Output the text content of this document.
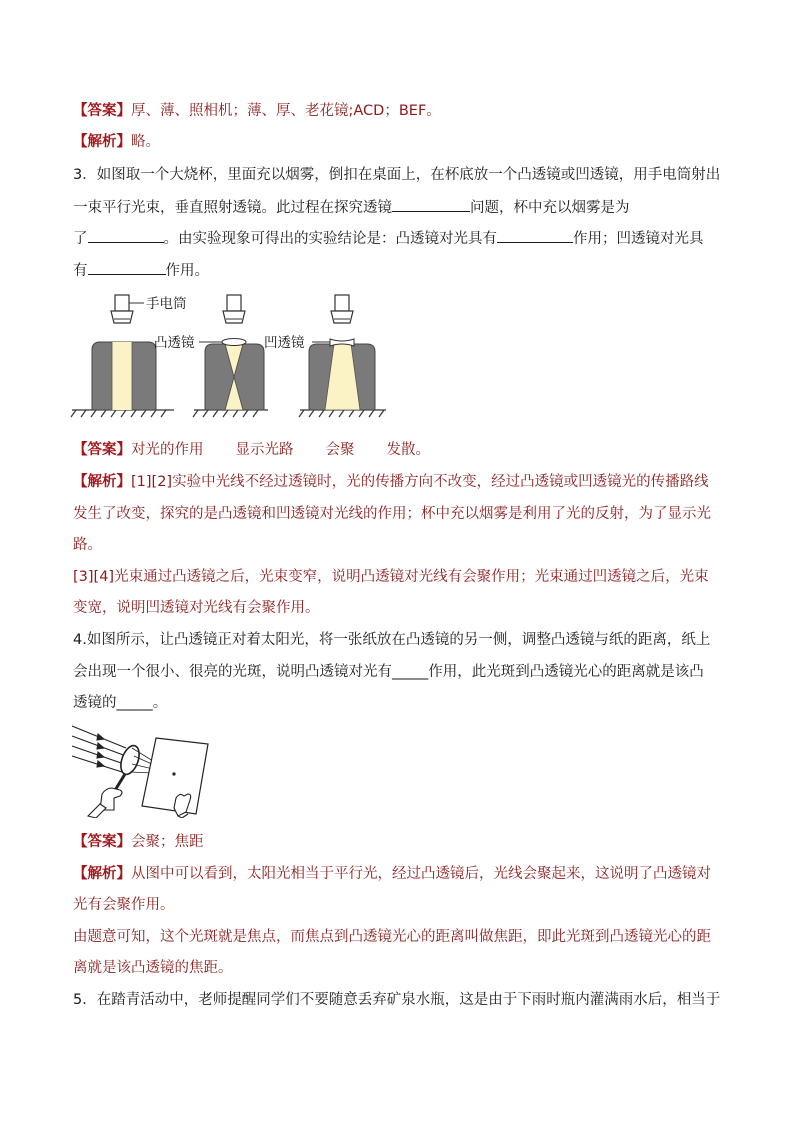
【答案】厚、薄、照相机；薄、厚、老花镜;ACD；BEF。
【解析】略。
3．如图取一个大烧杯，里面充以烟雾，倒扣在桌面上，在杯底放一个凸透镜或凹透镜，用手电筒射出
一束平行光束，垂直照射透镜。此过程在探究透镜	问题，杯中充以烟雾是为
了	。由实验现象可得出的实验结论是：凸透镜对光具有	作用；凹透镜对光具
有	作用。
手电筒
凸透镜	凹透镜
【答案】对光的作用 显示光路 会聚 发散。
【解析】[1][2]实验中光线不经过透镜时，光的传播方向不改变，经过凸透镜或凹透镜光的传播路线
发生了改变，探究的是凸透镜和凹透镜对光线的作用；杯中充以烟雾是利用了光的反射，为了显示光
路。
[3][4]光束通过凸透镜之后，光束变窄，说明凸透镜对光线有会聚作用；光束通过凹透镜之后，光束
变宽，说明凹透镜对光线有会聚作用。
4.如图所示，让凸透镜正对着太阳光，将一张纸放在凸透镜的另一侧，调整凸透镜与纸的距离，纸上
会出现一个很小、很亮的光斑，说明凸透镜对光有_____作用，此光斑到凸透镜光心的距离就是该凸
透镜的_____。
【答案】会聚；焦距
【解析】从图中可以看到，太阳光相当于平行光，经过凸透镜后，光线会聚起来，这说明了凸透镜对
光有会聚作用。
由题意可知，这个光斑就是焦点，而焦点到凸透镜光心的距离叫做焦距，即此光斑到凸透镜光心的距
离就是该凸透镜的焦距。
5．在踏青活动中，老师提醒同学们不要随意丢弃矿泉水瓶，这是由于下雨时瓶内灌满雨水后，相当于
